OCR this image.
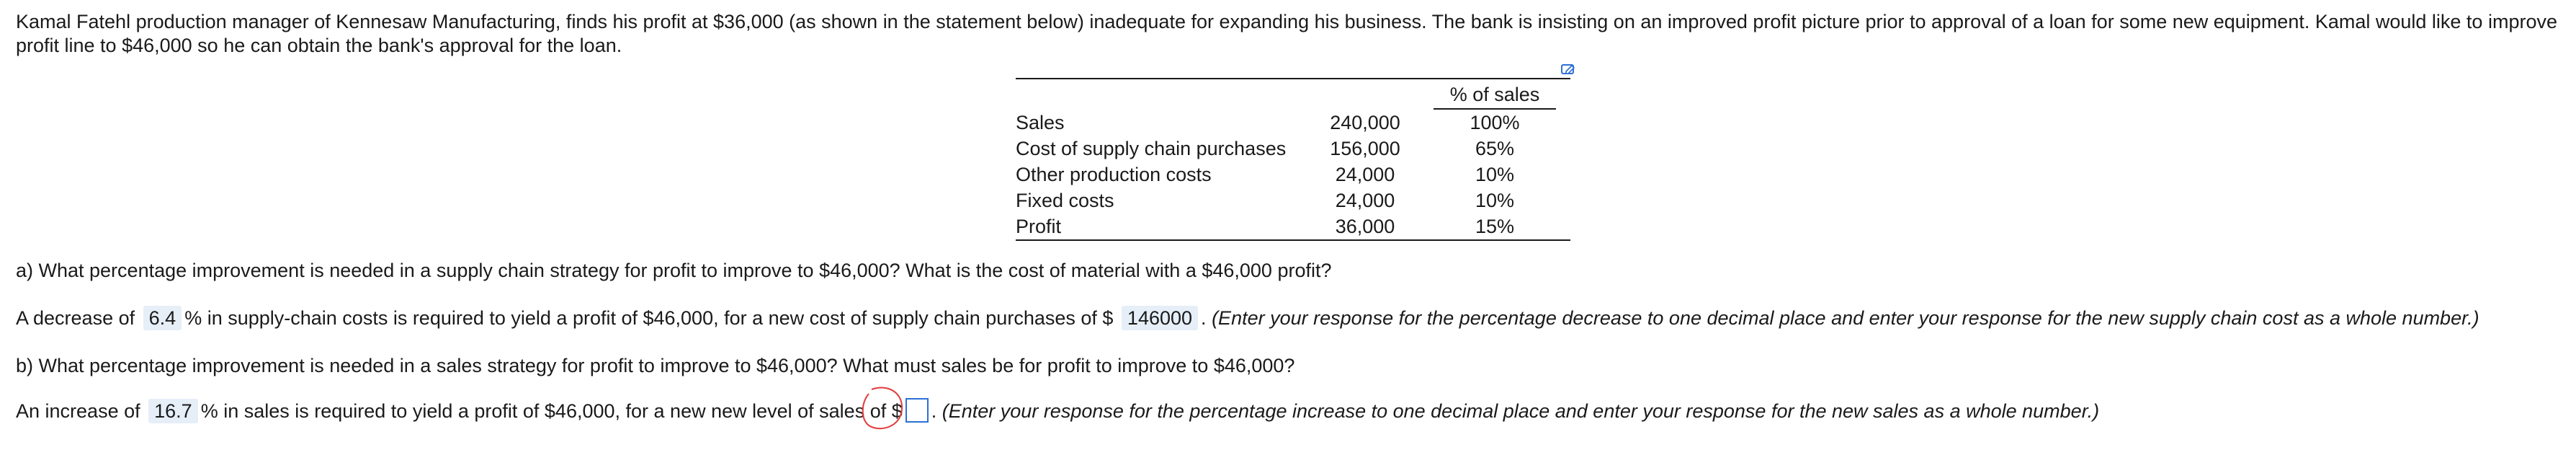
Kamal Fatehl production manager of Kennesaw Manufacturing, finds his profit at $36,000 (as shown in the statement below) inadequate for expanding his business. The bank is insisting on an improved profit picture prior to approval of a loan for some new equipment. Kamal would like to improve profit line to $46,000 so he can obtain the bank's approval for the loan.

% of sales
Sales	240,000	100%
Cost of supply chain purchases	156,000	65%
Other production costs	24,000	10%
Fixed costs	24,000	10%
Profit	36,000	15%

a) What percentage improvement is needed in a supply chain strategy for profit to improve to $46,000? What is the cost of material with a $46,000 profit?

A decrease of 6.4 % in supply-chain costs is required to yield a profit of $46,000, for a new cost of supply chain purchases of $ 146000 . (Enter your response for the percentage decrease to one decimal place and enter your response for the new supply chain cost as a whole number.)

b) What percentage improvement is needed in a sales strategy for profit to improve to $46,000? What must sales be for profit to improve to $46,000?

An increase of 16.7 % in sales is required to yield a profit of $46,000, for a new new level of sales of $ . (Enter your response for the percentage increase to one decimal place and enter your response for the new sales as a whole number.)
